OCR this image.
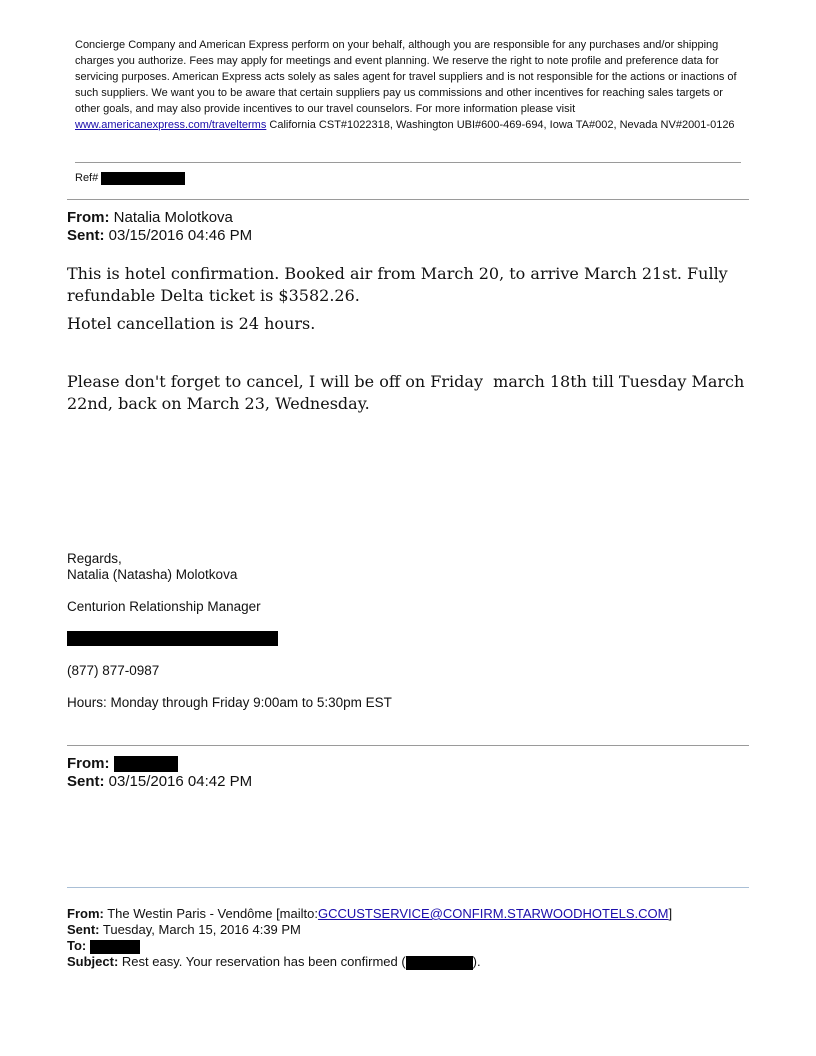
Concierge Company and American Express perform on your behalf, although you are responsible for any purchases and/or shipping charges you authorize. Fees may apply for meetings and event planning. We reserve the right to note profile and preference data for servicing purposes. American Express acts solely as sales agent for travel suppliers and is not responsible for the actions or inactions of such suppliers. We want you to be aware that certain suppliers pay us commissions and other incentives for reaching sales targets or other goals, and may also provide incentives to our travel counselors. For more information please visit www.americanexpress.com/travelterms California CST#1022318, Washington UBI#600-469-694, Iowa TA#002, Nevada NV#2001-0126
Ref#
From: Natalia Molotkova
Sent: 03/15/2016 04:46 PM
This is hotel confirmation. Booked air from March 20, to arrive March 21st. Fully refundable Delta ticket is $3582.26.
Hotel cancellation is 24 hours.
Please don't forget to cancel, I will be off on Friday  march 18th till Tuesday March 22nd, back on March 23, Wednesday.
Regards,
Natalia (Natasha) Molotkova
Centurion Relationship Manager
(877) 877-0987
Hours: Monday through Friday 9:00am to 5:30pm EST
From:
Sent: 03/15/2016 04:42 PM
From: The Westin Paris - Vendôme [mailto:GCCUSTSERVICE@CONFIRM.STARWOODHOTELS.COM]
Sent: Tuesday, March 15, 2016 4:39 PM
To:
Subject: Rest easy. Your reservation has been confirmed (	).
